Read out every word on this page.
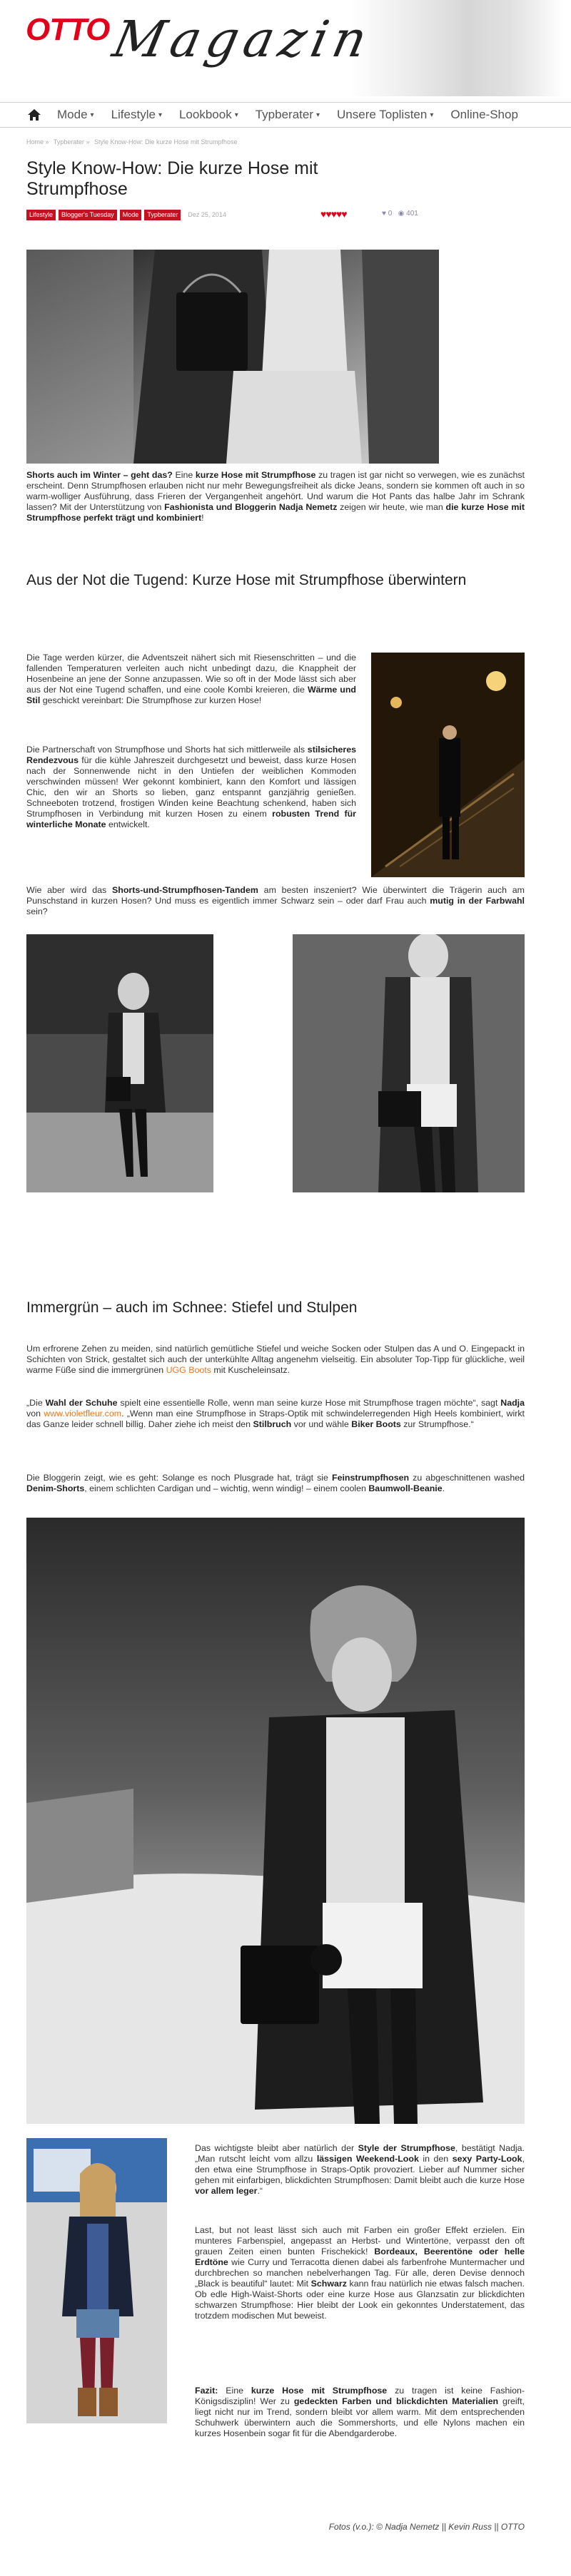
OTTO
Magazin
Mode ▾ Lifestyle ▾ Lookbook ▾ Typberater ▾ Unsere Toplisten ▾ Online-Shop
Home » Typberater » Style Know-How: Die kurze Hose mit Strumpfhose
Style Know-How: Die kurze Hose mit Strumpfhose
Lifestyle	Blogger's Tuesday	Mode	Typberater	Dez 25, 2014	♥♥♥♥♥	♥ 0 ◉ 401

Shorts auch im Winter – geht das? Eine kurze Hose mit Strumpfhose zu tragen ist gar nicht so verwegen, wie es zunächst erscheint. Denn Strumpfhosen erlauben nicht nur mehr Bewegungsfreiheit als dicke Jeans, sondern sie kommen oft auch in so warm-wolliger Ausführung, dass Frieren der Vergangenheit angehört. Und warum die Hot Pants das halbe Jahr im Schrank lassen? Mit der Unterstützung von Fashionista und Bloggerin Nadja Nemetz zeigen wir heute, wie man die kurze Hose mit Strumpfhose perfekt trägt und kombiniert!

Aus der Not die Tugend: Kurze Hose mit Strumpfhose überwintern

Die Tage werden kürzer, die Adventszeit nähert sich mit Riesenschritten – und die fallenden Temperaturen verleiten auch nicht unbedingt dazu, die Knappheit der Hosenbeine an jene der Sonne anzupassen. Wie so oft in der Mode lässt sich aber aus der Not eine Tugend schaffen, und eine coole Kombi kreieren, die Wärme und Stil geschickt vereinbart: Die Strumpfhose zur kurzen Hose!

Die Partnerschaft von Strumpfhose und Shorts hat sich mittlerweile als stilsicheres Rendezvous für die kühle Jahreszeit durchgesetzt und beweist, dass kurze Hosen nach der Sonnenwende nicht in den Untiefen der weiblichen Kommoden verschwinden müssen! Wer gekonnt kombiniert, kann den Komfort und lässigen Chic, den wir an Shorts so lieben, ganz entspannt ganzjährig genießen. Schneeboten trotzend, frostigen Winden keine Beachtung schenkend, haben sich Strumpfhosen in Verbindung mit kurzen Hosen zu einem robusten Trend für winterliche Monate entwickelt.

Wie aber wird das Shorts-und-Strumpfhosen-Tandem am besten inszeniert? Wie überwintert die Trägerin auch am Punschstand in kurzen Hosen? Und muss es eigentlich immer Schwarz sein – oder darf Frau auch mutig in der Farbwahl sein?

Immergrün – auch im Schnee: Stiefel und Stulpen

Um erfrorene Zehen zu meiden, sind natürlich gemütliche Stiefel und weiche Socken oder Stulpen das A und O. Eingepackt in Schichten von Strick, gestaltet sich auch der unterkühlte Alltag angenehm vielseitig. Ein absoluter Top-Tipp für glückliche, weil warme Füße sind die immergrünen UGG Boots mit Kuscheleinsatz.

„Die Wahl der Schuhe spielt eine essentielle Rolle, wenn man seine kurze Hose mit Strumpfhose tragen möchte“, sagt Nadja von www.violetfleur.com. „Wenn man eine Strumpfhose in Straps-Optik mit schwindelerregenden High Heels kombiniert, wirkt das Ganze leider schnell billig. Daher ziehe ich meist den Stilbruch vor und wähle Biker Boots zur Strumpfhose.“

Die Bloggerin zeigt, wie es geht: Solange es noch Plusgrade hat, trägt sie Feinstrumpfhosen zu abgeschnittenen washed Denim-Shorts, einem schlichten Cardigan und – wichtig, wenn windig! – einem coolen Baumwoll-Beanie.

Das wichtigste bleibt aber natürlich der Style der Strumpfhose, bestätigt Nadja. „Man rutscht leicht vom allzu lässigen Weekend-Look in den sexy Party-Look, den etwa eine Strumpfhose in Straps-Optik provoziert. Lieber auf Nummer sicher gehen mit einfarbigen, blickdichten Strumpfhosen: Damit bleibt auch die kurze Hose vor allem leger.“

Last, but not least lässt sich auch mit Farben ein großer Effekt erzielen. Ein munteres Farbenspiel, angepasst an Herbst- und Wintertöne, verpasst den oft grauen Zeiten einen bunten Frischekick! Bordeaux, Beerentöne oder helle Erdtöne wie Curry und Terracotta dienen dabei als farbenfrohe Muntermacher und durchbrechen so manchen nebelverhangen Tag. Für alle, deren Devise dennoch „Black is beautiful“ lautet: Mit Schwarz kann frau natürlich nie etwas falsch machen. Ob edle High-Waist-Shorts oder eine kurze Hose aus Glanzsatin zur blickdichten schwarzen Strumpfhose: Hier bleibt der Look ein gekonntes Understatement, das trotzdem modischen Mut beweist.

Fazit: Eine kurze Hose mit Strumpfhose zu tragen ist keine Fashion-Königsdisziplin! Wer zu gedeckten Farben und blickdichten Materialien greift, liegt nicht nur im Trend, sondern bleibt vor allem warm. Mit dem entsprechenden Schuhwerk überwintern auch die Sommershorts, und elle Nylons machen ein kurzes Hosenbein sogar fit für die Abendgarderobe.

Fotos (v.o.): © Nadja Nemetz || Kevin Russ || OTTO
